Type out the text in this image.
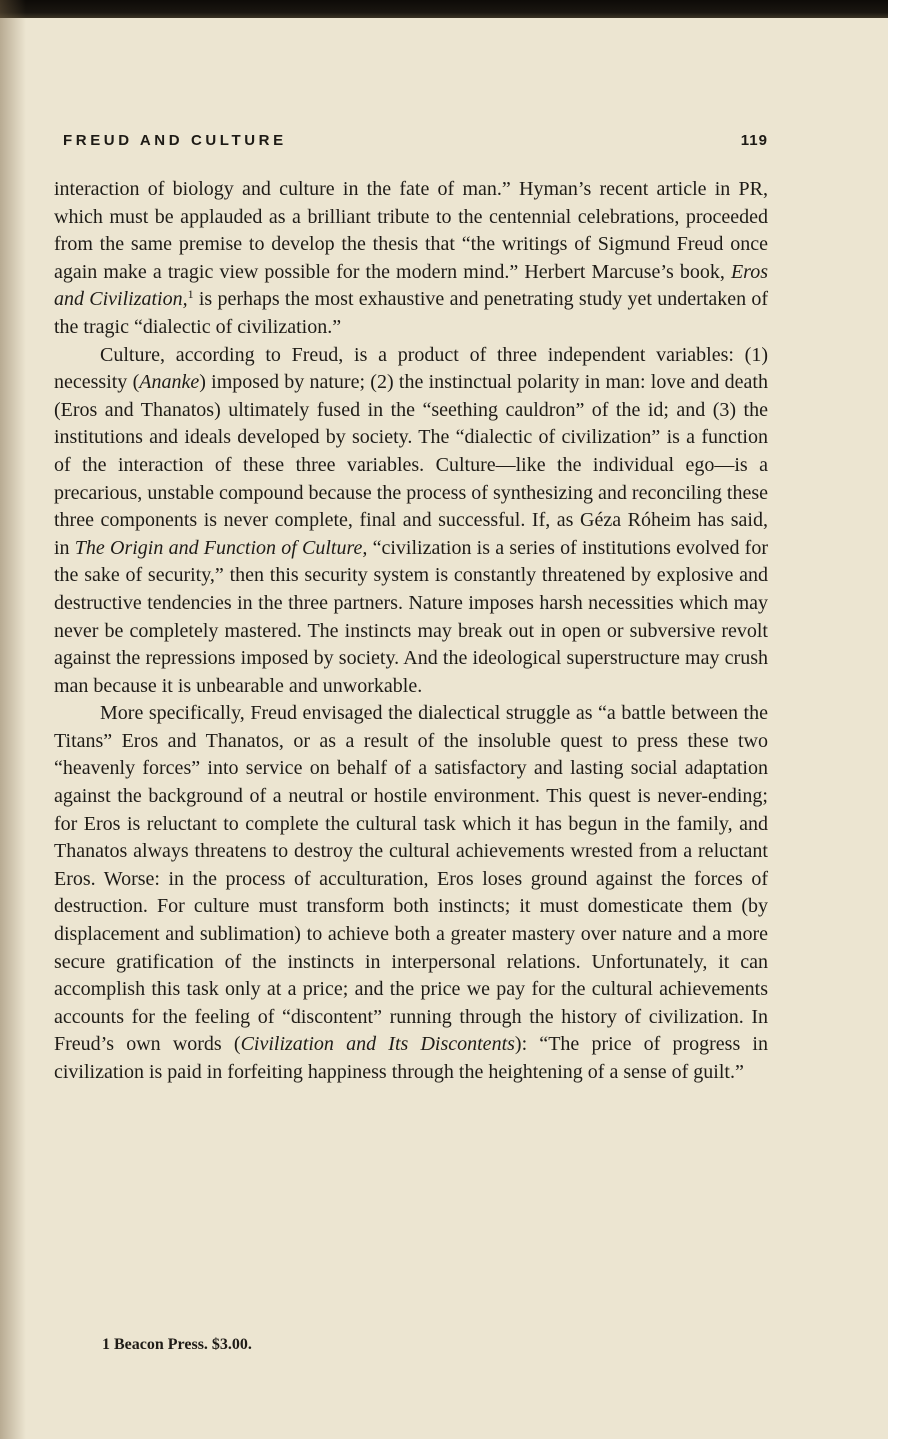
FREUD AND CULTURE	119

interaction of biology and culture in the fate of man.” Hyman’s recent article in PR, which must be applauded as a brilliant tribute to the centennial celebrations, proceeded from the same premise to develop the thesis that “the writings of Sigmund Freud once again make a tragic view possible for the modern mind.” Herbert Marcuse’s book, Eros and Civilization,$^1$ is perhaps the most exhaustive and penetrating study yet undertaken of the tragic “dialectic of civilization.”

Culture, according to Freud, is a product of three independent variables: (1) necessity (Ananke) imposed by nature; (2) the instinctual polarity in man: love and death (Eros and Thanatos) ultimately fused in the “seething cauldron” of the id; and (3) the institutions and ideals developed by society. The “dialectic of civilization” is a function of the interaction of these three variables. Culture—like the individual ego—is a precarious, unstable compound because the process of synthesizing and reconciling these three components is never complete, final and successful. If, as Géza Róheim has said, in The Origin and Function of Culture, “civilization is a series of institutions evolved for the sake of security,” then this security system is constantly threatened by explosive and destructive tendencies in the three partners. Nature imposes harsh necessities which may never be completely mastered. The instincts may break out in open or subversive revolt against the repressions imposed by society. And the ideological superstructure may crush man because it is unbearable and unworkable.

More specifically, Freud envisaged the dialectical struggle as “a battle between the Titans” Eros and Thanatos, or as a result of the insoluble quest to press these two “heavenly forces” into service on behalf of a satisfactory and lasting social adaptation against the background of a neutral or hostile environment. This quest is never-ending; for Eros is reluctant to complete the cultural task which it has begun in the family, and Thanatos always threatens to destroy the cultural achievements wrested from a reluctant Eros. Worse: in the process of acculturation, Eros loses ground against the forces of destruction. For culture must transform both instincts; it must domesticate them (by displacement and sublimation) to achieve both a greater mastery over nature and a more secure gratification of the instincts in interpersonal relations. Unfortunately, it can accomplish this task only at a price; and the price we pay for the cultural achievements accounts for the feeling of “discontent” running through the history of civilization. In Freud’s own words (Civilization and Its Discontents): “The price of progress in civilization is paid in forfeiting happiness through the heightening of a sense of guilt.”

1 Beacon Press. $3.00.
